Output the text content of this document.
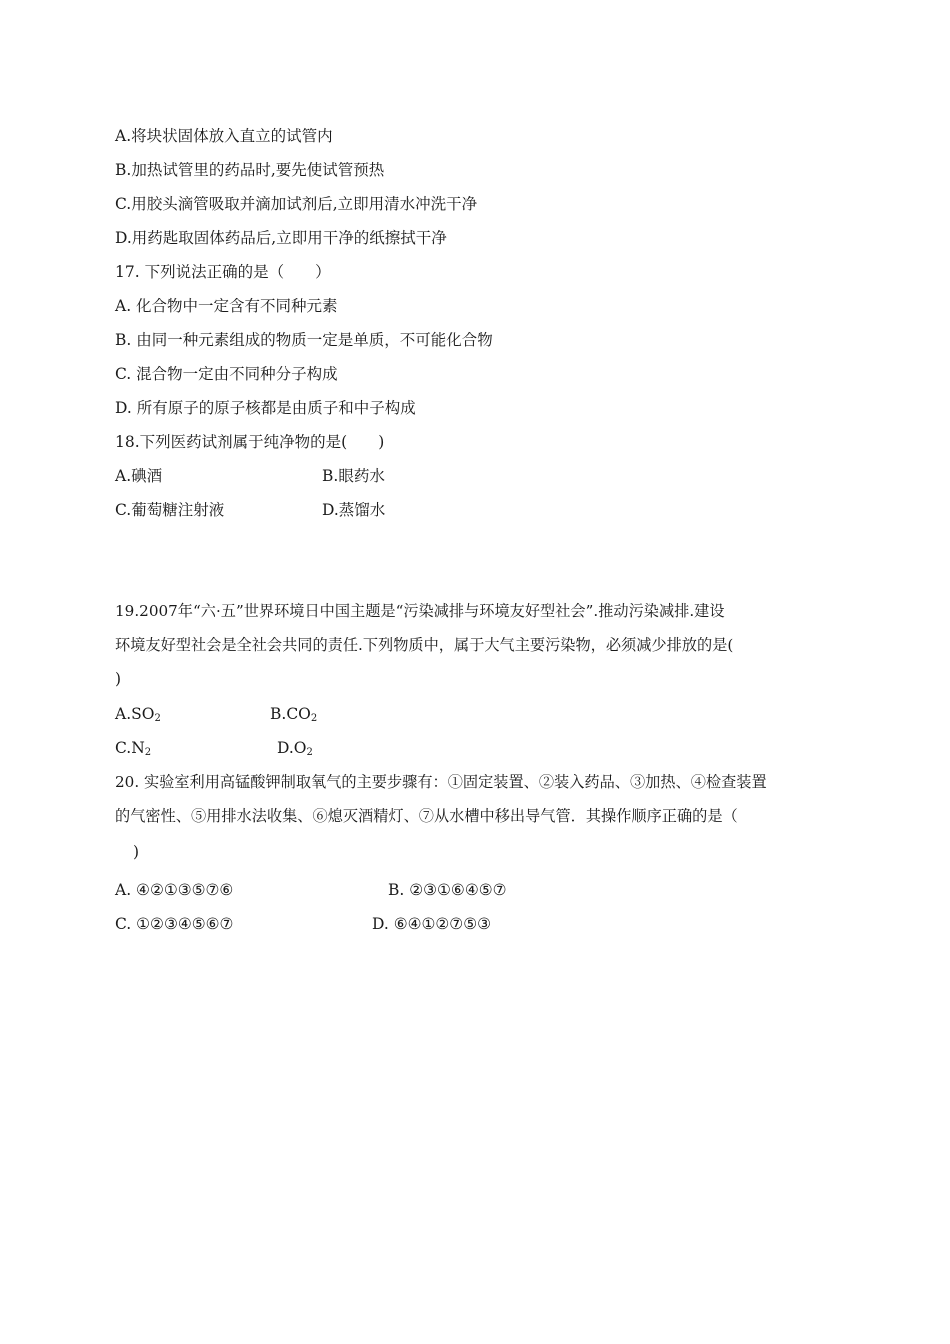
A.将块状固体放入直立的试管内
B.加热试管里的药品时,要先使试管预热
C.用胶头滴管吸取并滴加试剂后,立即用清水冲洗干净
D.用药匙取固体药品后,立即用干净的纸擦拭干净
17. 下列说法正确的是（　　）
A. 化合物中一定含有不同种元素
B. 由同一种元素组成的物质一定是单质，不可能化合物
C. 混合物一定由不同种分子构成
D. 所有原子的原子核都是由质子和中子构成
18.下列医药试剂属于纯净物的是(　　)
A.碘酒	B.眼药水
C.葡萄糖注射液	D.蒸馏水
19.2007年“六·五”世界环境日中国主题是“污染减排与环境友好型社会”.推动污染减排.建设
环境友好型社会是全社会共同的责任.下列物质中，属于大气主要污染物，必须减少排放的是(
)
$A.SO_2$	$B.CO_2$
$C.N_2$	$D.O_2$
20. 实验室利用高锰酸钾制取氧气的主要步骤有：①固定装置、②装入药品、③加热、④检查装置
的气密性、⑤用排水法收集、⑥熄灭酒精灯、⑦从水槽中移出导气管．其操作顺序正确的是（
)
A. ④②①③⑤⑦⑥	B. ②③①⑥④⑤⑦
C. ①②③④⑤⑥⑦	D. ⑥④①②⑦⑤③
